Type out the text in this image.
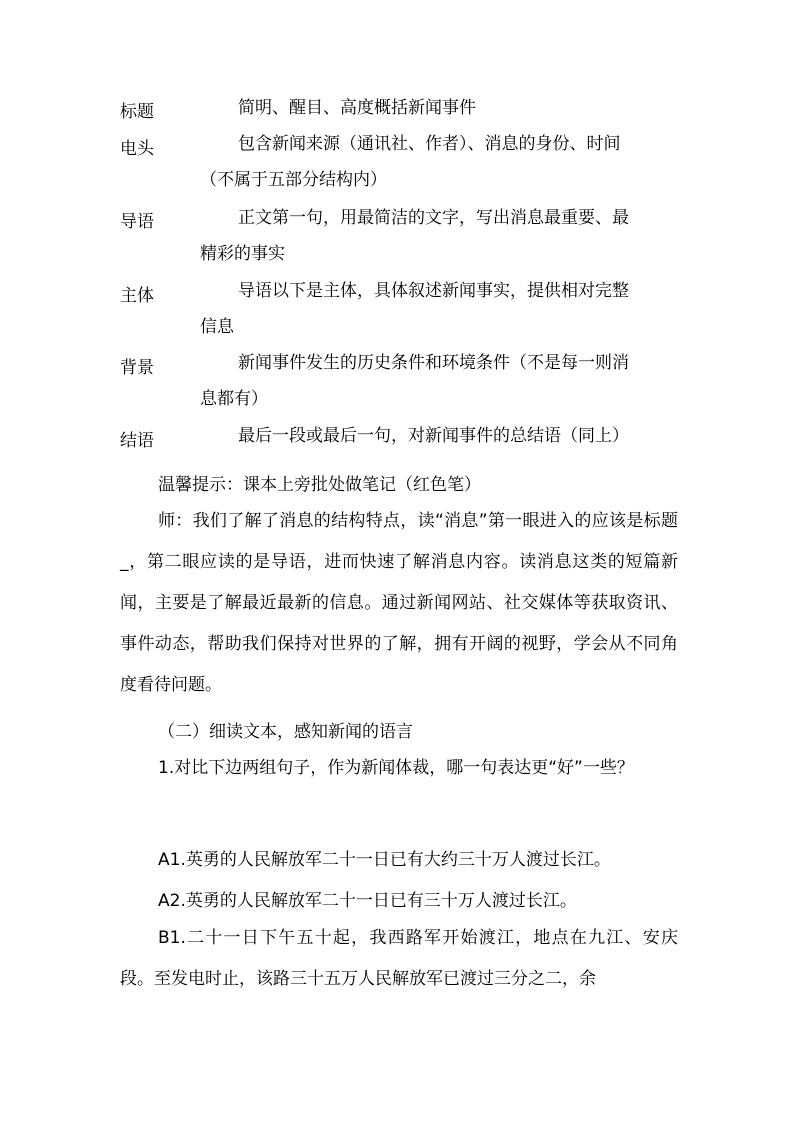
标题	简明、醒目、高度概括新闻事件
电头	包含新闻来源（通讯社、作者）、消息的身份、时间
（不属于五部分结构内）
导语	正文第一句，用最简洁的文字，写出消息最重要、最
精彩的事实
主体	导语以下是主体，具体叙述新闻事实，提供相对完整
信息
背景	新闻事件发生的历史条件和环境条件（不是每一则消
息都有）
结语	最后一段或最后一句，对新闻事件的总结语（同上）
温馨提示：课本上旁批处做笔记（红色笔）
师：我们了解了消息的结构特点，读“消息”第一眼进入的应该是标题_，第二眼应读的是导语，进而快速了解消息内容。读消息这类的短篇新闻，主要是了解最近最新的信息。通过新闻网站、社交媒体等获取资讯、事件动态，帮助我们保持对世界的了解，拥有开阔的视野，学会从不同角度看待问题。
（二）细读文本，感知新闻的语言
1.对比下边两组句子，作为新闻体裁，哪一句表达更“好”一些？
A1.英勇的人民解放军二十一日已有大约三十万人渡过长江。
A2.英勇的人民解放军二十一日已有三十万人渡过长江。
B1.二十一日下午五十起，我西路军开始渡江，地点在九江、安庆段。至发电时止，该路三十五万人民解放军已渡过三分之二，余
